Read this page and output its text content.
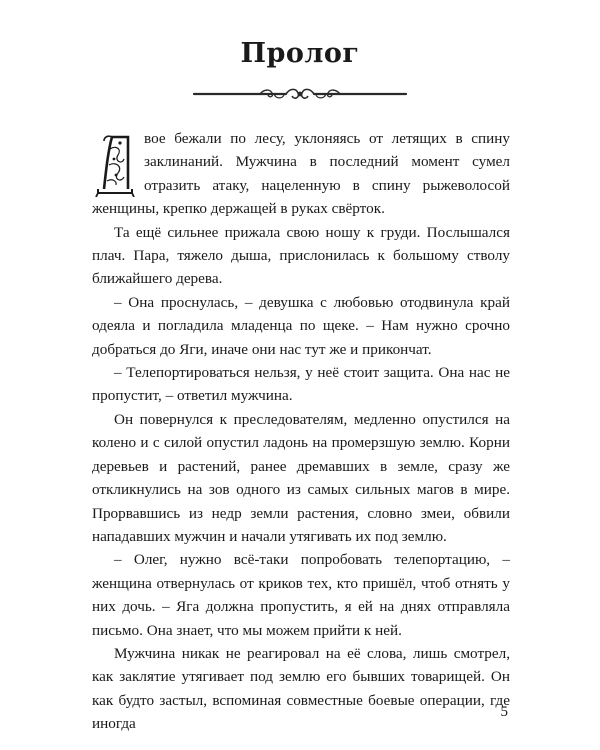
Пролог

вое бежали по лесу, уклоняясь от летящих в спину заклинаний. Мужчина в последний момент сумел отразить атаку, нацеленную в спину рыжеволосой женщины, крепко держащей в руках свёрток.

Та ещё сильнее прижала свою ношу к груди. Послышался плач. Пара, тяжело дыша, прислонилась к большому стволу ближайшего дерева.

– Она проснулась, – девушка с любовью отодвинула край одеяла и погладила младенца по щеке. – Нам нужно срочно добраться до Яги, иначе они нас тут же и прикончат.

– Телепортироваться нельзя, у неё стоит защита. Она нас не пропустит, – ответил мужчина.

Он повернулся к преследователям, медленно опустился на колено и с силой опустил ладонь на промерзшую землю. Корни деревьев и растений, ранее дремавших в земле, сразу же откликнулись на зов одного из самых сильных магов в мире. Прорвавшись из недр земли растения, словно змеи, обвили нападавших мужчин и начали утягивать их под землю.

– Олег, нужно всё-таки попробовать телепортацию, – женщина отвернулась от криков тех, кто пришёл, чтоб отнять у них дочь. – Яга должна пропустить, я ей на днях отправляла письмо. Она знает, что мы можем прийти к ней.

Мужчина никак не реагировал на её слова, лишь смотрел, как заклятие утягивает под землю его бывших товарищей. Он как будто застыл, вспоминая совместные боевые операции, где иногда

5
